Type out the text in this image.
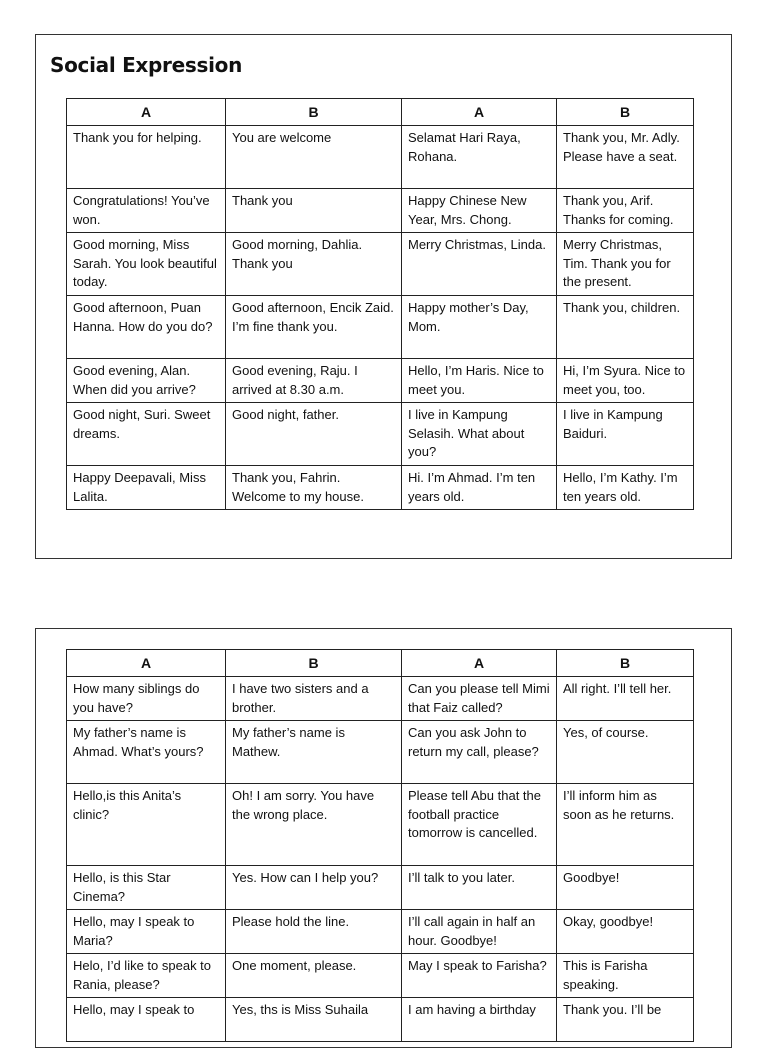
Social Expression
A	B	A	B
Thank you for helping.	You are welcome	Selamat Hari Raya, Rohana.	Thank you, Mr. Adly. Please have a seat.
Congratulations! You’ve won.	Thank you	Happy Chinese New Year, Mrs. Chong.	Thank you, Arif. Thanks for coming.
Good morning, Miss Sarah. You look beautiful today.	Good morning, Dahlia. Thank you	Merry Christmas, Linda.	Merry Christmas, Tim. Thank you for the present.
Good afternoon, Puan Hanna. How do you do?	Good afternoon, Encik Zaid. I’m fine thank you.	Happy mother’s Day, Mom.	Thank you, children.
Good evening, Alan. When did you arrive?	Good evening, Raju. I arrived at 8.30 a.m.	Hello, I’m Haris. Nice to meet you.	Hi, I’m Syura. Nice to meet you, too.
Good night, Suri. Sweet dreams.	Good night, father.	I live in Kampung Selasih. What about you?	I live in Kampung Baiduri.
Happy Deepavali, Miss Lalita.	Thank you, Fahrin. Welcome to my house.	Hi. I’m Ahmad. I’m ten years old.	Hello, I’m Kathy. I’m ten years old.
A	B	A	B
How many siblings do you have?	I have two sisters and a brother.	Can you please tell Mimi that Faiz called?	All right. I’ll tell her.
My father’s name is Ahmad. What’s yours?	My father’s name is Mathew.	Can you ask John to return my call, please?	Yes, of course.
Hello,is this Anita’s clinic?	Oh! I am sorry. You have the wrong place.	Please tell Abu that the football practice tomorrow is cancelled.	I’ll inform him as soon as he returns.
Hello, is this Star Cinema?	Yes. How can I help you?	I’ll talk to you later.	Goodbye!
Hello, may I speak to Maria?	Please hold the line.	I’ll call again in half an hour. Goodbye!	Okay, goodbye!
Helo, I’d like to speak to Rania, please?	One moment, please.	May I speak to Farisha?	This is Farisha speaking.
Hello, may I speak to	Yes, ths is Miss Suhaila	I am having a birthday	Thank you. I’ll be
